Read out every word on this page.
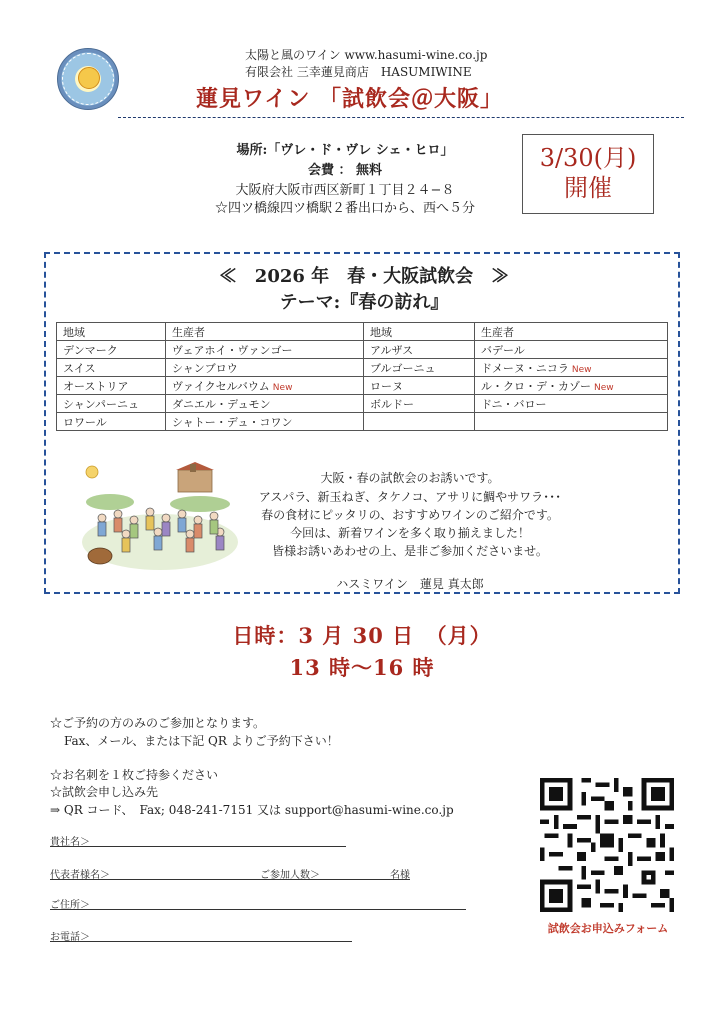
太陽と風のワイン www.hasumi-wine.co.jp
有限会社 三幸蓮見商店　HASUMIWINE
蓮見ワイン 「試飲会＠大阪」
場所:「ヴレ・ド・ヴレ シェ・ヒロ」
会費 ： 無料
大阪府大阪市西区新町１丁目２４−８
☆四ツ橋線四ツ橋駅２番出口から、西へ５分
3/30(月)
開催
≪　2026 年　春・大阪試飲会　≫
テーマ:『春の訪れ』
地域	生産者	地域	生産者
デンマーク	ヴェアホイ・ヴァンゴー	アルザス	バデール
スイス	シャンブロウ	ブルゴーニュ	ドメーヌ・ニコラ New
オーストリア	ヴァイクセルバウム New	ローヌ	ル・クロ・デ・カゾー New
シャンパーニュ	ダニエル・デュモン	ボルドー	ドニ・バロー
ロワール	シャトー・デュ・コワン		
大阪・春の試飲会のお誘いです。
アスパラ、新玉ねぎ、タケノコ、アサリに鯛やサワラ･･･
春の食材にピッタリの、おすすめワインのご紹介です。
今回は、新着ワインを多く取り揃えました！
皆様お誘いあわせの上、是非ご参加くださいませ。
ハスミワイン　蓮見 真太郎
日時：3 月 30 日　（月）
13 時～16 時
☆ご予約の方のみのご参加となります。
Fax、メール、または下記 QR よりご予約下さい！
☆お名刺を１枚ご持参ください
☆試飲会申し込み先
⇒ QR コード、　Fax; 048-241-7151 又は support@hasumi-wine.co.jp
貴社名＞
代表者様名＞	ご参加人数＞	名様
ご住所＞
お電話＞
試飲会お申込みフォーム
